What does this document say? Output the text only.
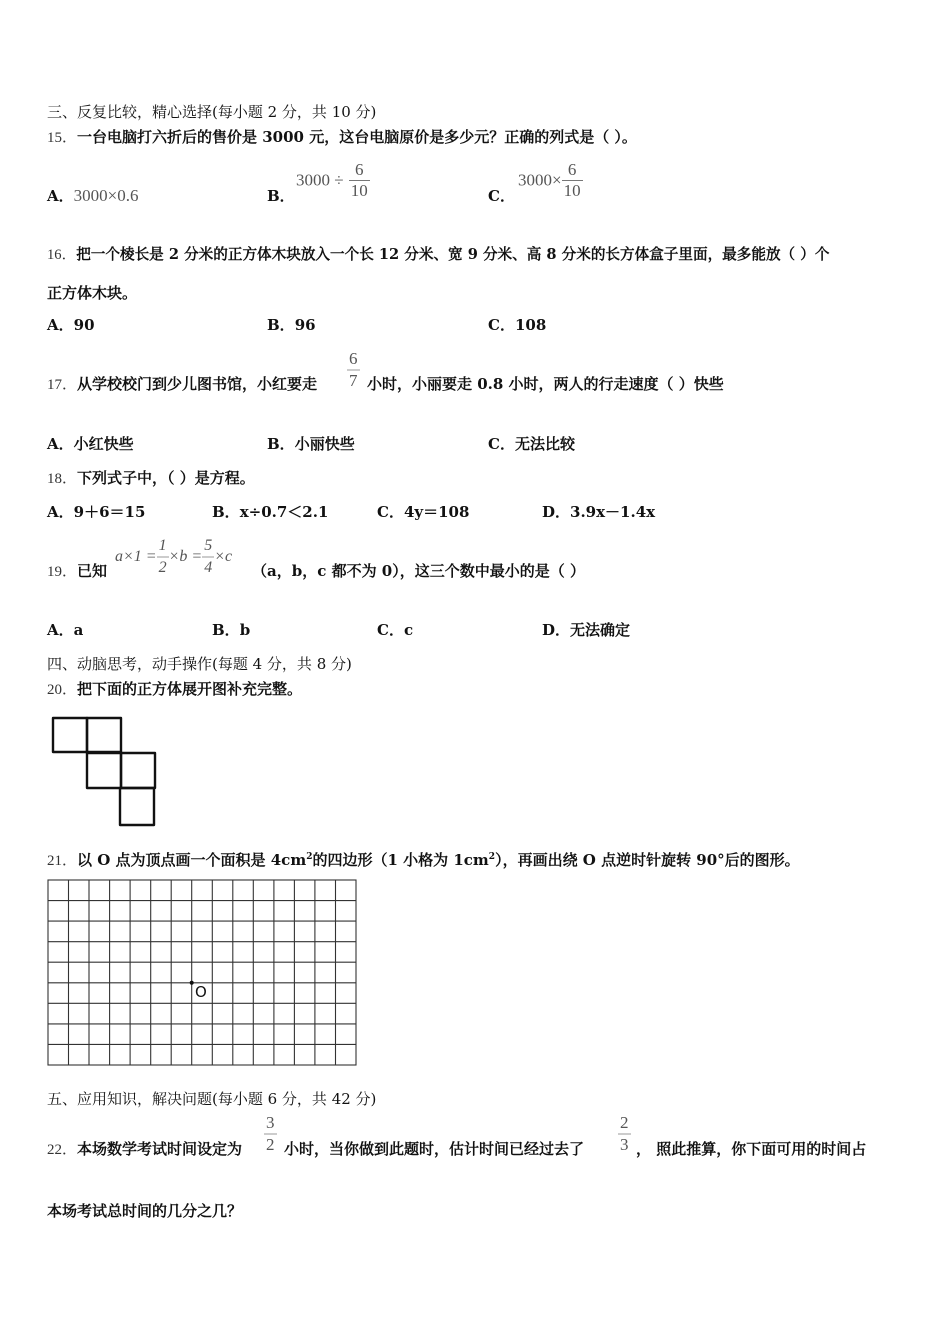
三、反复比较，精心选择(每小题 2 分，共 10 分)
15．一台电脑打六折后的售价是 3000 元，这台电脑原价是多少元？正确的列式是（ ）。
A．3000×0.6	B．
$3000 \div \frac{6}{10}$	C．
$3000\times \frac{6}{10}$
16．把一个棱长是 2 分米的正方体木块放入一个长 12 分米、宽 9 分米、高 8 分米的长方体盒子里面，最多能放（ ）个
正方体木块。
A．90	B．96	C．108
17．从学校校门到少儿图书馆，小红要走 $\frac{6}{7}$ 小时，小丽要走 0.8 小时，两人的行走速度（ ）快些
A．小红快些	B．小丽快些	C．无法比较
18．下列式子中，（ ）是方程。
A．9＋6＝15	B．x÷0.7＜2.1	C．4y＝108	D．3.9x－1.4x
19．已知
$a\times 1 = \frac{1}{2} \times b = \frac{5}{4} \times c$
（a，b，c 都不为 0），这三个数中最小的是（ ）
A．a	B．b	C．c	D．无法确定
四、动脑思考，动手操作(每题 4 分，共 8 分)
20．把下面的正方体展开图补充完整。
21．以 O 点为顶点画一个面积是 $4cm^2$的四边形（1 小格为 $1cm^2$），再画出绕 O 点逆时针旋转 90°后的图形。
O
五、应用知识，解决问题(每小题 6 分，共 42 分)
22．本场数学考试时间设定为 $\frac{3}{2}$ 小时，当你做到此题时，估计时间已经过去了 $\frac{2}{3}$ ， 照此推算，你下面可用的时间占
本场考试总时间的几分之几？
